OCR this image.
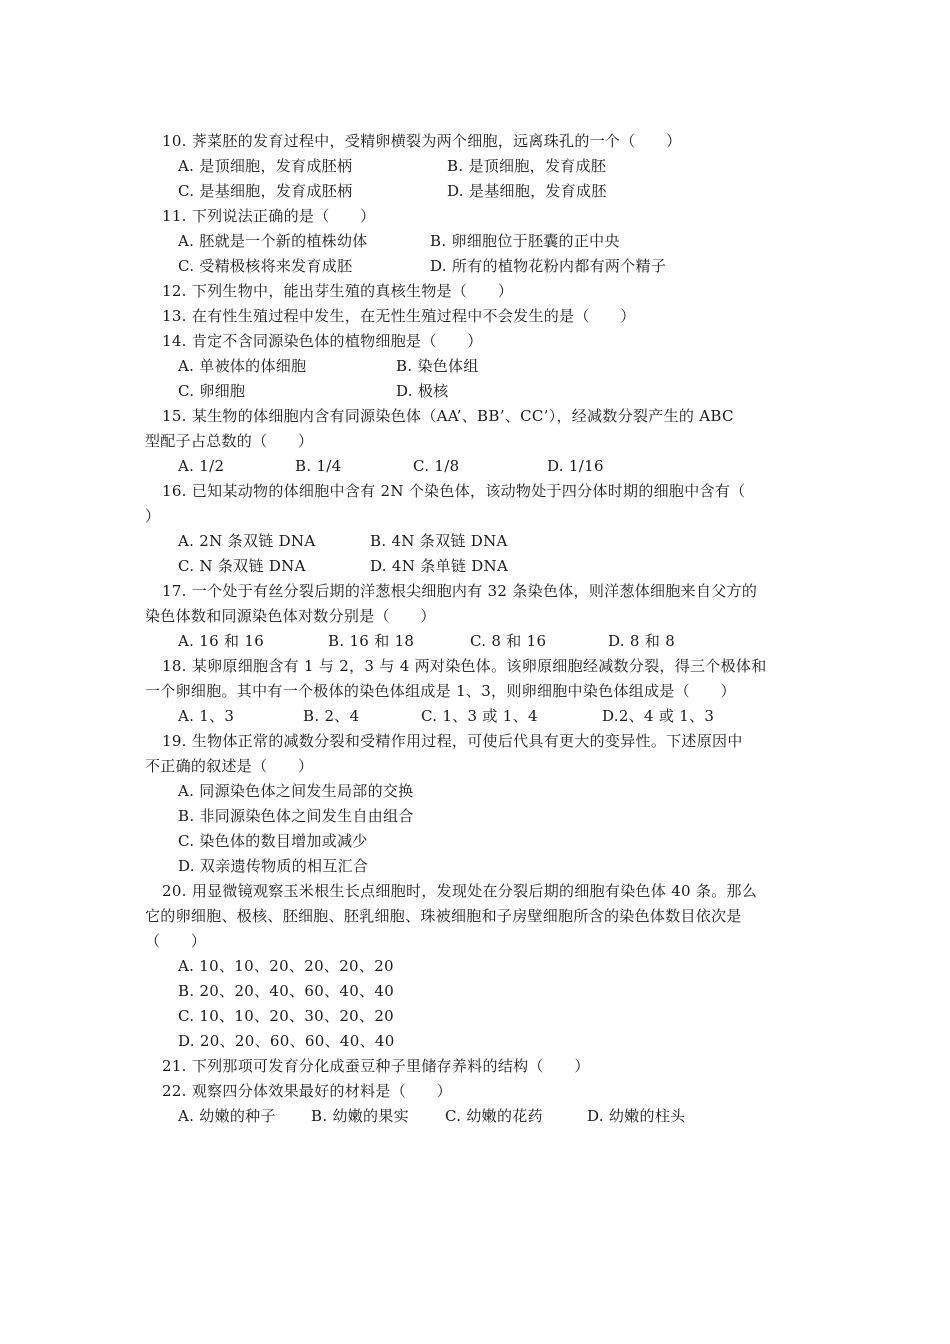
10. 荠菜胚的发育过程中，受精卵横裂为两个细胞，远离珠孔的一个（　　）
A. 是顶细胞，发育成胚柄	B. 是顶细胞，发育成胚
C. 是基细胞，发育成胚柄	D. 是基细胞，发育成胚
11. 下列说法正确的是（　　）
A. 胚就是一个新的植株幼体	B. 卵细胞位于胚囊的正中央
C. 受精极核将来发育成胚	D. 所有的植物花粉内都有两个精子
12. 下列生物中，能出芽生殖的真核生物是（　　）
13. 在有性生殖过程中发生，在无性生殖过程中不会发生的是（　　）
14. 肯定不含同源染色体的植物细胞是（　　）
A. 单被体的体细胞	B. 染色体组
C. 卵细胞	D. 极核
15. 某生物的体细胞内含有同源染色体（AA’、BB’、CC’），经减数分裂产生的 ABC
型配子占总数的（　　）
A. 1/2	B. 1/4	C. 1/8	D. 1/16
16. 已知某动物的体细胞中含有 2N 个染色体，该动物处于四分体时期的细胞中含有（
）
A. 2N 条双链 DNA	B. 4N 条双链 DNA
C. N 条双链 DNA	D. 4N 条单链 DNA
17. 一个处于有丝分裂后期的洋葱根尖细胞内有 32 条染色体，则洋葱体细胞来自父方的
染色体数和同源染色体对数分别是（　　）
A. 16 和 16	B. 16 和 18	C. 8 和 16	D. 8 和 8
18. 某卵原细胞含有 1 与 2，3 与 4 两对染色体。该卵原细胞经减数分裂，得三个极体和
一个卵细胞。其中有一个极体的染色体组成是 1、3，则卵细胞中染色体组成是（　　）
A. 1、3	B. 2、4	C. 1、3 或 1、4	D.2、4 或 1、3
19. 生物体正常的减数分裂和受精作用过程，可使后代具有更大的变异性。下述原因中
不正确的叙述是（　　）
A. 同源染色体之间发生局部的交换
B. 非同源染色体之间发生自由组合
C. 染色体的数目增加或减少
D. 双亲遗传物质的相互汇合
20. 用显微镜观察玉米根生长点细胞时，发现处在分裂后期的细胞有染色体 40 条。那么
它的卵细胞、极核、胚细胞、胚乳细胞、珠被细胞和子房壁细胞所含的染色体数目依次是
（　　）
A. 10、10、20、20、20、20
B. 20、20、40、60、40、40
C. 10、10、20、30、20、20
D. 20、20、60、60、40、40
21. 下列那项可发育分化成蚕豆种子里储存养料的结构（　　）
22. 观察四分体效果最好的材料是（　　）
A. 幼嫩的种子 B. 幼嫩的果实 C. 幼嫩的花药	D. 幼嫩的柱头
